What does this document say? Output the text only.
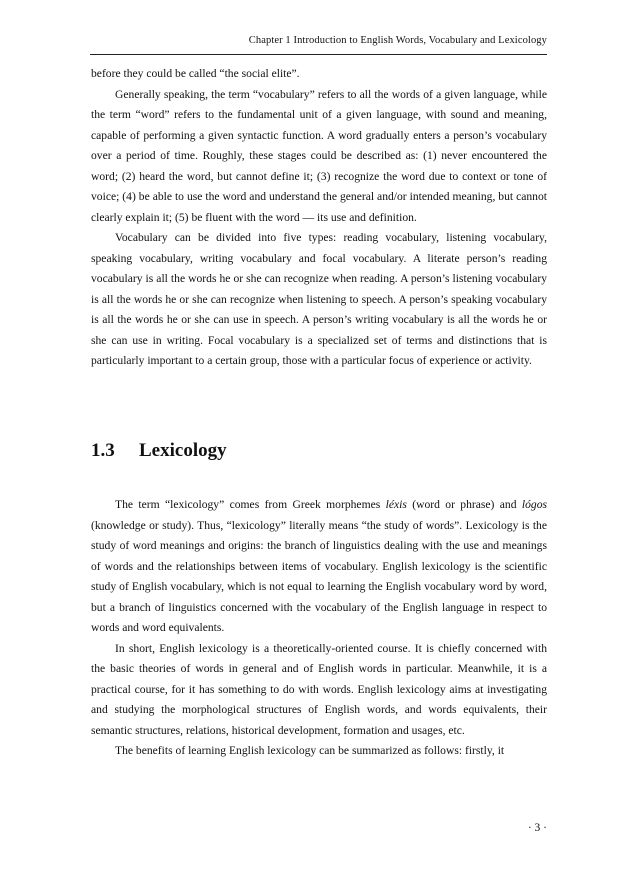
Chapter 1 Introduction to English Words, Vocabulary and Lexicology

before they could be called “the social elite”.

Generally speaking, the term “vocabulary” refers to all the words of a given language, while the term “word” refers to the fundamental unit of a given language, with sound and meaning, capable of performing a given syntactic function. A word gradually enters a person’s vocabulary over a period of time. Roughly, these stages could be described as: (1) never encountered the word; (2) heard the word, but cannot define it; (3) recognize the word due to context or tone of voice; (4) be able to use the word and understand the general and/or intended meaning, but cannot clearly explain it; (5) be fluent with the word — its use and definition.

Vocabulary can be divided into five types: reading vocabulary, listening vocabulary, speaking vocabulary, writing vocabulary and focal vocabulary. A literate person’s reading vocabulary is all the words he or she can recognize when reading. A person’s listening vocabulary is all the words he or she can recognize when listening to speech. A person’s speaking vocabulary is all the words he or she can use in speech. A person’s writing vocabulary is all the words he or she can use in writing. Focal vocabulary is a specialized set of terms and distinctions that is particularly important to a certain group, those with a particular focus of experience or activity.

1.3 Lexicology

The term “lexicology” comes from Greek morphemes léxis (word or phrase) and lógos (knowledge or study). Thus, “lexicology” literally means “the study of words”. Lexicology is the study of word meanings and origins: the branch of linguistics dealing with the use and meanings of words and the relationships between items of vocabulary. English lexicology is the scientific study of English vocabulary, which is not equal to learning the English vocabulary word by word, but a branch of linguistics concerned with the vocabulary of the English language in respect to words and word equivalents.

In short, English lexicology is a theoretically-oriented course. It is chiefly concerned with the basic theories of words in general and of English words in particular. Meanwhile, it is a practical course, for it has something to do with words. English lexicology aims at investigating and studying the morphological structures of English words, and words equivalents, their semantic structures, relations, historical development, formation and usages, etc.

The benefits of learning English lexicology can be summarized as follows: firstly, it

· 3 ·
